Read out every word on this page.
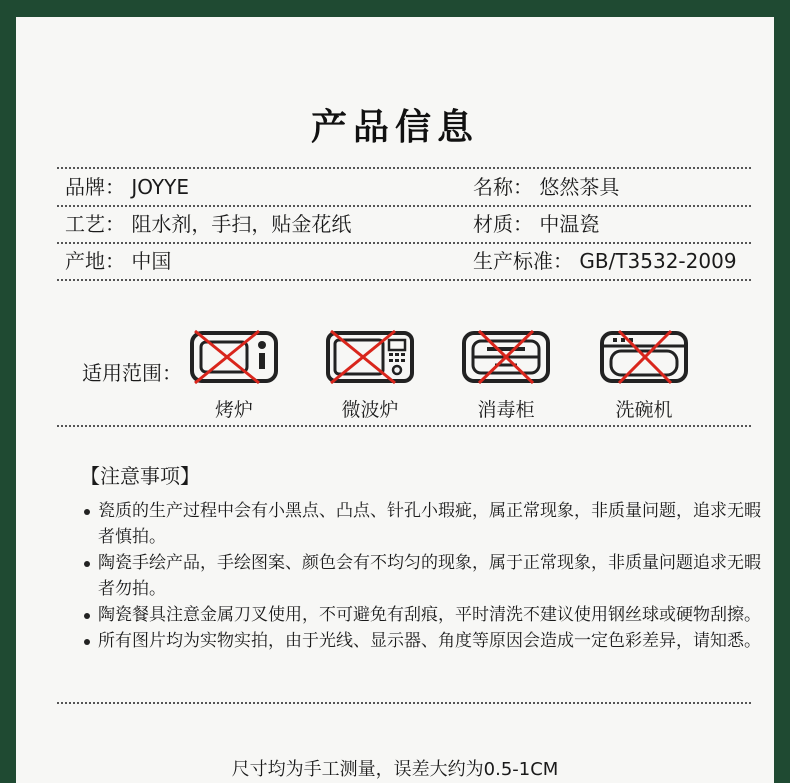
产品信息
品牌： JOYYE	名称： 悠然茶具
工艺： 阻水剂，手扫，贴金花纸	材质： 中温瓷
产地： 中国	生产标准： GB/T3532-2009
适用范围：
烤炉	微波炉	消毒柜	洗碗机
【注意事项】
瓷质的生产过程中会有小黑点、凸点、针孔小瑕疵，属正常现象，非质量问题，追求无暇者慎拍。
陶瓷手绘产品，手绘图案、颜色会有不均匀的现象，属于正常现象，非质量问题追求无暇者勿拍。
陶瓷餐具注意金属刀叉使用，不可避免有刮痕，平时清洗不建议使用钢丝球或硬物刮擦。
所有图片均为实物实拍，由于光线、显示器、角度等原因会造成一定色彩差异，请知悉。
尺寸均为手工测量，误差大约为0.5-1CM
